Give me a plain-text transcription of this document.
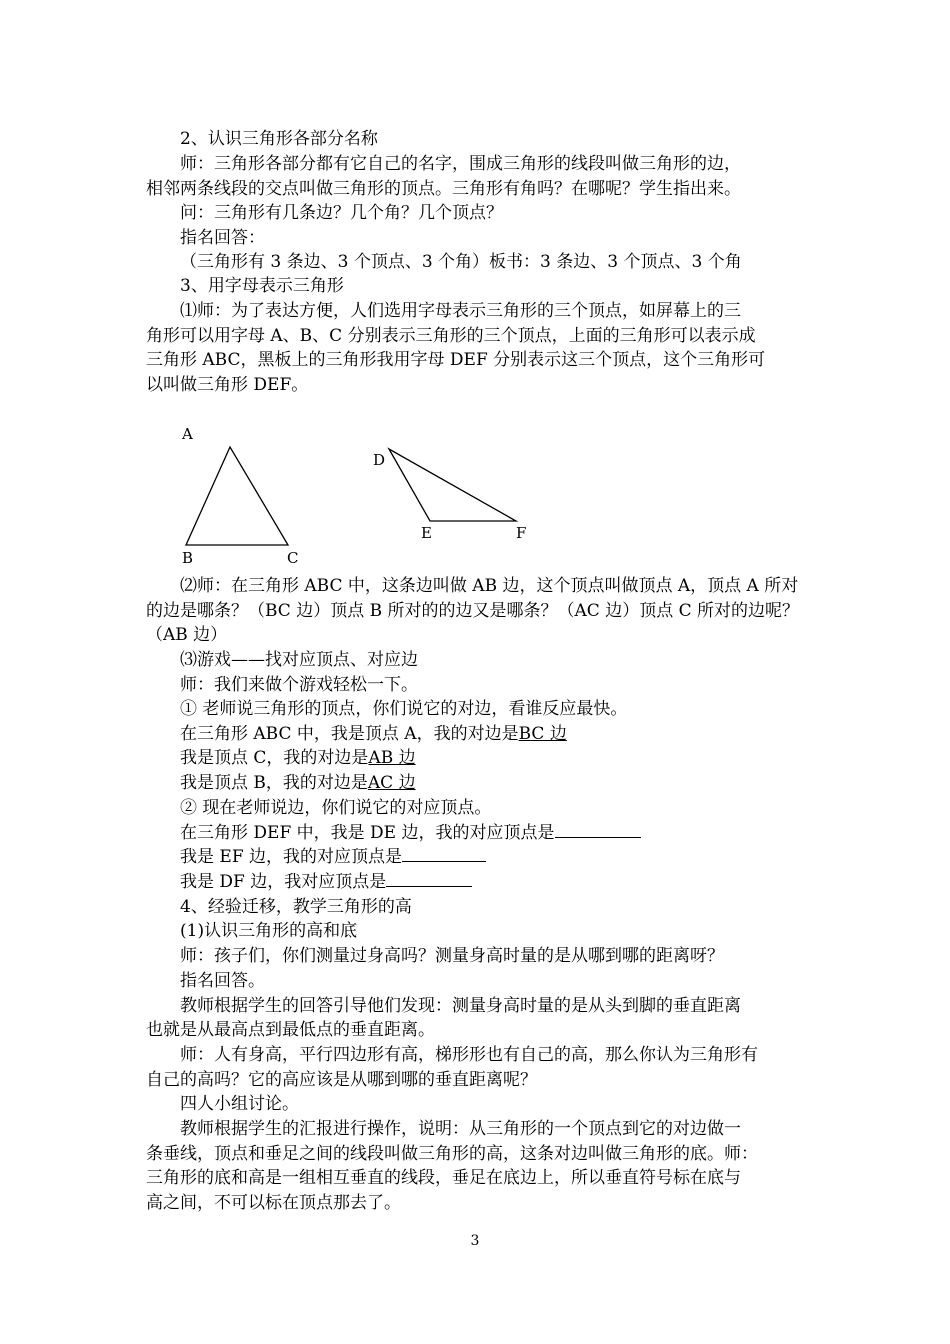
2、认识三角形各部分名称
师：三角形各部分都有它自己的名字，围成三角形的线段叫做三角形的边，
相邻两条线段的交点叫做三角形的顶点。三角形有角吗？在哪呢？学生指出来。
问：三角形有几条边？几个角？几个顶点？
指名回答：
（三角形有 3 条边、3 个顶点、3 个角）板书：3 条边、3 个顶点、3 个角
3、用字母表示三角形
⑴师：为了表达方便，人们选用字母表示三角形的三个顶点，如屏幕上的三
角形可以用字母 A、B、C 分别表示三角形的三个顶点，上面的三角形可以表示成
三角形 ABC，黑板上的三角形我用字母 DEF 分别表示这三个顶点，这个三角形可
以叫做三角形 DEF。
A
B	C
D
E	F
⑵师：在三角形 ABC 中，这条边叫做 AB 边，这个顶点叫做顶点 A，顶点 A 所对
的边是哪条？（BC 边）顶点 B 所对的的边又是哪条？（AC 边）顶点 C 所对的边呢？
（AB 边）
⑶游戏——找对应顶点、对应边
师：我们来做个游戏轻松一下。
① 老师说三角形的顶点，你们说它的对边，看谁反应最快。
在三角形 ABC 中，我是顶点 A，我的对边是BC 边
我是顶点 C，我的对边是AB 边
我是顶点 B，我的对边是AC 边
② 现在老师说边，你们说它的对应顶点。
在三角形 DEF 中，我是 DE 边，我的对应顶点是
我是 EF 边，我的对应顶点是
我是 DF 边，我对应顶点是
4、经验迁移，教学三角形的高
(1)认识三角形的高和底
师：孩子们，你们测量过身高吗？测量身高时量的是从哪到哪的距离呀？
指名回答。
教师根据学生的回答引导他们发现：测量身高时量的是从头到脚的垂直距离
也就是从最高点到最低点的垂直距离。
师：人有身高，平行四边形有高，梯形形也有自己的高，那么你认为三角形有
自己的高吗？它的高应该是从哪到哪的垂直距离呢？
四人小组讨论。
教师根据学生的汇报进行操作，说明：从三角形的一个顶点到它的对边做一
条垂线，顶点和垂足之间的线段叫做三角形的高，这条对边叫做三角形的底。师：
三角形的底和高是一组相互垂直的线段，垂足在底边上，所以垂直符号标在底与
高之间，不可以标在顶点那去了。
3
